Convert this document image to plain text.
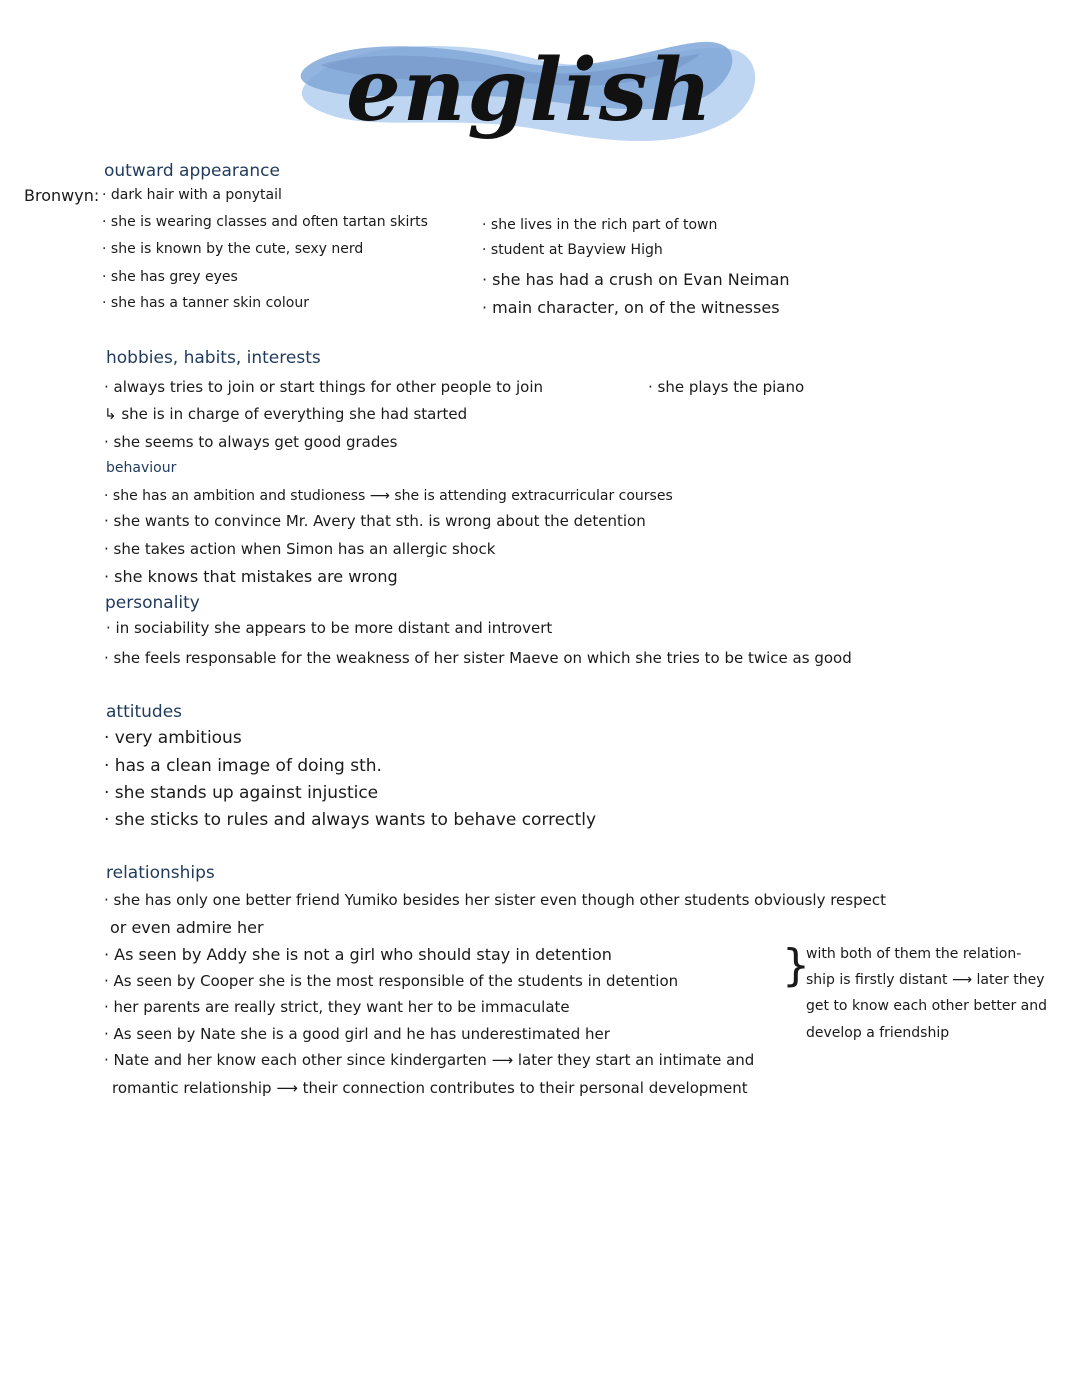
english
outward appearance
Bronwyn: · dark hair with a ponytail
· she is wearing classes and often tartan skirts
· she is known by the cute, sexy nerd
· she has grey eyes
· she has a tanner skin colour
· she lives in the rich part of town
· student at Bayview High
· she has had a crush on Evan Neiman
· main character, on of the witnesses
hobbies, habits, interests
· always tries to join or start things for other people to join
↳ she is in charge of everything she had started
· she seems to always get good grades
· she plays the piano
behaviour
· she has an ambition and studioness ⟶ she is attending extracurricular courses
· she wants to convince Mr. Avery that sth. is wrong about the detention
· she takes action when Simon has an allergic shock
· she knows that mistakes are wrong
personality
· in sociability she appears to be more distant and introvert
· she feels responsable for the weakness of her sister Maeve on which she tries to be twice as good
attitudes
· very ambitious
· has a clean image of doing sth.
· she stands up against injustice
· she sticks to rules and always wants to behave correctly
relationships
· she has only one better friend Yumiko besides her sister even though other students obviously respect
or even admire her
· As seen by Addy she is not a girl who should stay in detention
· As seen by Cooper she is the most responsible of the students in detention
· her parents are really strict, they want her to be immaculate
· As seen by Nate she is a good girl and he has underestimated her
· Nate and her know each other since kindergarten ⟶ later they start an intimate and
romantic relationship ⟶ their connection contributes to their personal development
}
with both of them the relation-
ship is firstly distant ⟶ later they
get to know each other better and
develop a friendship
